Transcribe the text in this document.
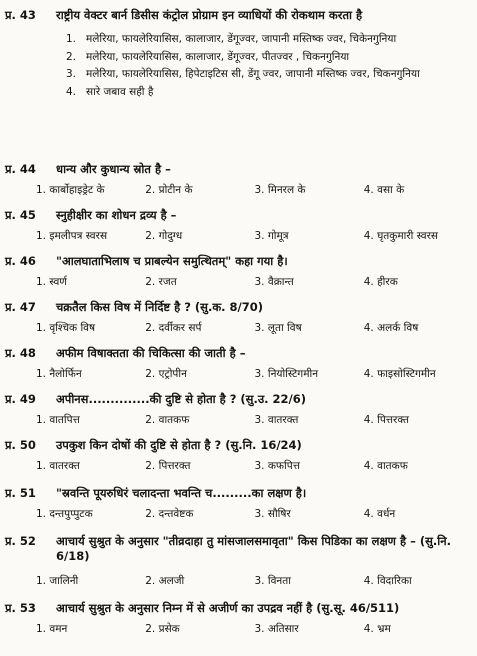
प्र. 43 राष्ट्रीय वेक्टर बार्न डिसीस कंट्रोल प्रोग्राम इन व्याधियों की रोकथाम करता है
1. मलेरिया, फायलेरियासिस, कालाजार, डेंगूज्वर, जापानी मस्तिष्क ज्वर, चिकेनगुनिया
2. मलेरिया, फायलेरियासिस, कालाजार, डेंगूज्वर, पीतज्वर , चिकनगुनिया
3. मलेरिया, फायलेरियासिस, हिपेटाइटिस सी, डेंगू ज्वर, जापानी मस्तिष्क ज्वर, चिकनगुनिया
4. सारे जबाव सही है
प्र. 44 धान्य और कुधान्य स्रोत है –
1. कार्बोहाइड्रेट के	2. प्रोटीन के	3. मिनरल के	4. वसा के
प्र. 45 स्नुहीक्षीर का शोधन द्रव्य है –
1. इमलीपत्र स्वरस	2. गोदुग्ध	3. गोमूत्र	4. घृतकुमारी स्वरस
प्र. 46 "आलघाताभिलाष च प्राबल्येन समुत्थितम्" कहा गया है।
1. स्वर्ण	2. रजत	3. वैक्रान्त	4. हीरक
प्र. 47 चक्रतैल किस विष में निर्दिष्ट है ? (सु.क. 8/70)
1. वृश्चिक विष	2. दर्वीकर सर्प	3. लूता विष	4. अलर्क विष
प्र. 48 अफीम विषाक्तता की चिकित्सा की जाती है –
1. नैलोर्फिन	2. एट्रोपीन	3. नियोस्टिगमीन	4. फाइसोस्टिगमीन
प्र. 49 अपीनस..............की दुष्टि से होता है ? (सु.उ. 22/6)
1. वातपित्त	2. वातकफ	3. वातरक्त	4. पित्तरक्त
प्र. 50 उपकुश किन दोषों की दुष्टि से होता है ? (सु.नि. 16/24)
1. वातरक्त	2. पित्तरक्त	3. कफपित्त	4. वातकफ
प्र. 51 "स्रवन्ति पूयरुधिरं चलादन्ता भवन्ति च.........का लक्षण है।
1. दन्तपुप्पुटक	2. दन्तवेष्टक	3. सौषिर	4. वर्धन
प्र. 52 आचार्य सुश्रुत के अनुसार "तीव्रदाहा तु मांसजालसमावृता" किस पिडिका का लक्षण है – (सु.नि. 6/18)
1. जालिनी	2. अलजी	3. विनता	4. विदारिका
प्र. 53 आचार्य सुश्रुत के अनुसार निम्न में से अजीर्ण का उपद्रव नहीं है (सु.सू. 46/511)
1. वमन	2. प्रसेक	3. अतिसार	4. भ्रम
